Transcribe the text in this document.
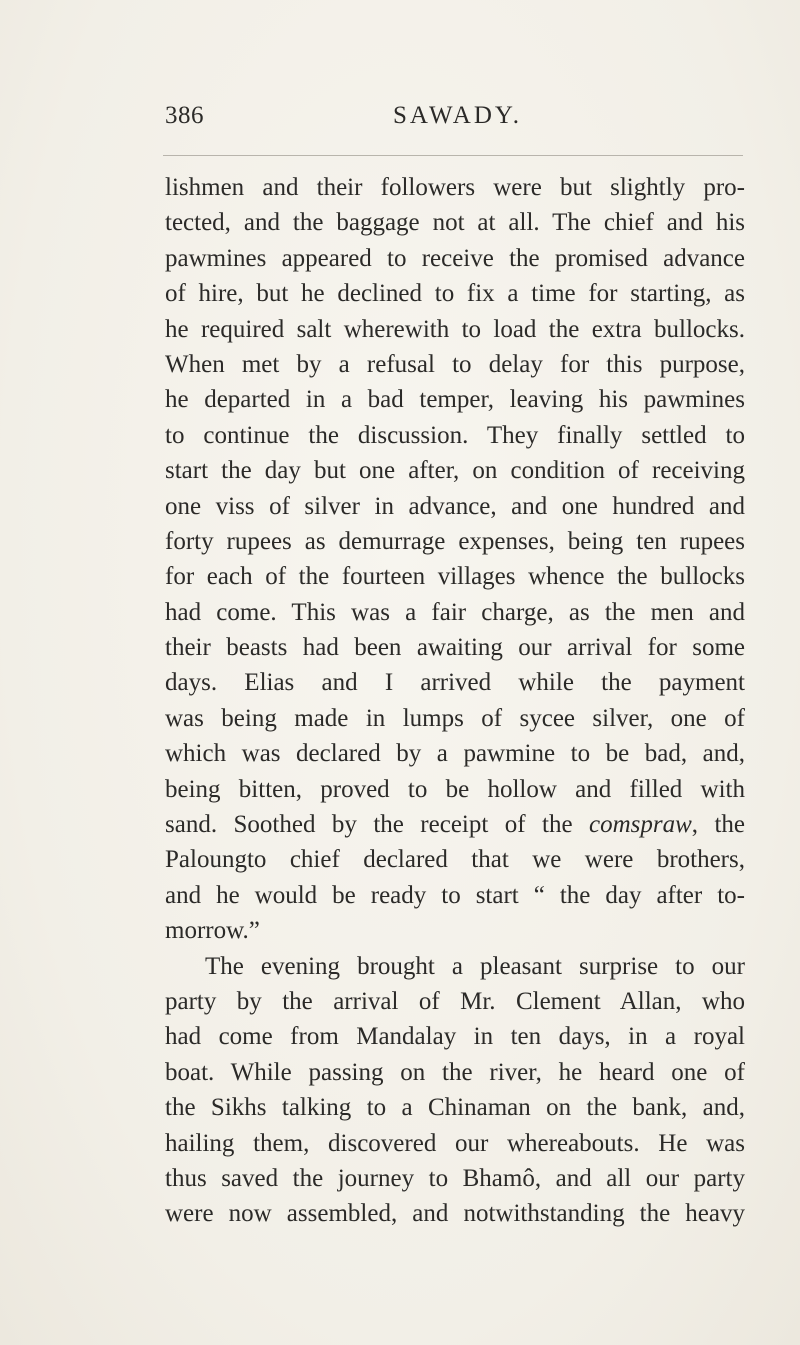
386	SAWADY.
lishmen and their followers were but slightly pro-
tected, and the baggage not at all. The chief and his
pawmines appeared to receive the promised advance
of hire, but he declined to fix a time for starting, as
he required salt wherewith to load the extra bullocks.
When met by a refusal to delay for this purpose,
he departed in a bad temper, leaving his pawmines
to continue the discussion. They finally settled to
start the day but one after, on condition of receiving
one viss of silver in advance, and one hundred and
forty rupees as demurrage expenses, being ten rupees
for each of the fourteen villages whence the bullocks
had come. This was a fair charge, as the men and
their beasts had been awaiting our arrival for some
days. Elias and I arrived while the payment
was being made in lumps of sycee silver, one of
which was declared by a pawmine to be bad, and,
being bitten, proved to be hollow and filled with
sand. Soothed by the receipt of the comspraw, the
Paloungto chief declared that we were brothers,
and he would be ready to start “ the day after to-
morrow.”
The evening brought a pleasant surprise to our
party by the arrival of Mr. Clement Allan, who
had come from Mandalay in ten days, in a royal
boat. While passing on the river, he heard one of
the Sikhs talking to a Chinaman on the bank, and,
hailing them, discovered our whereabouts. He was
thus saved the journey to Bhamô, and all our party
were now assembled, and notwithstanding the heavy
